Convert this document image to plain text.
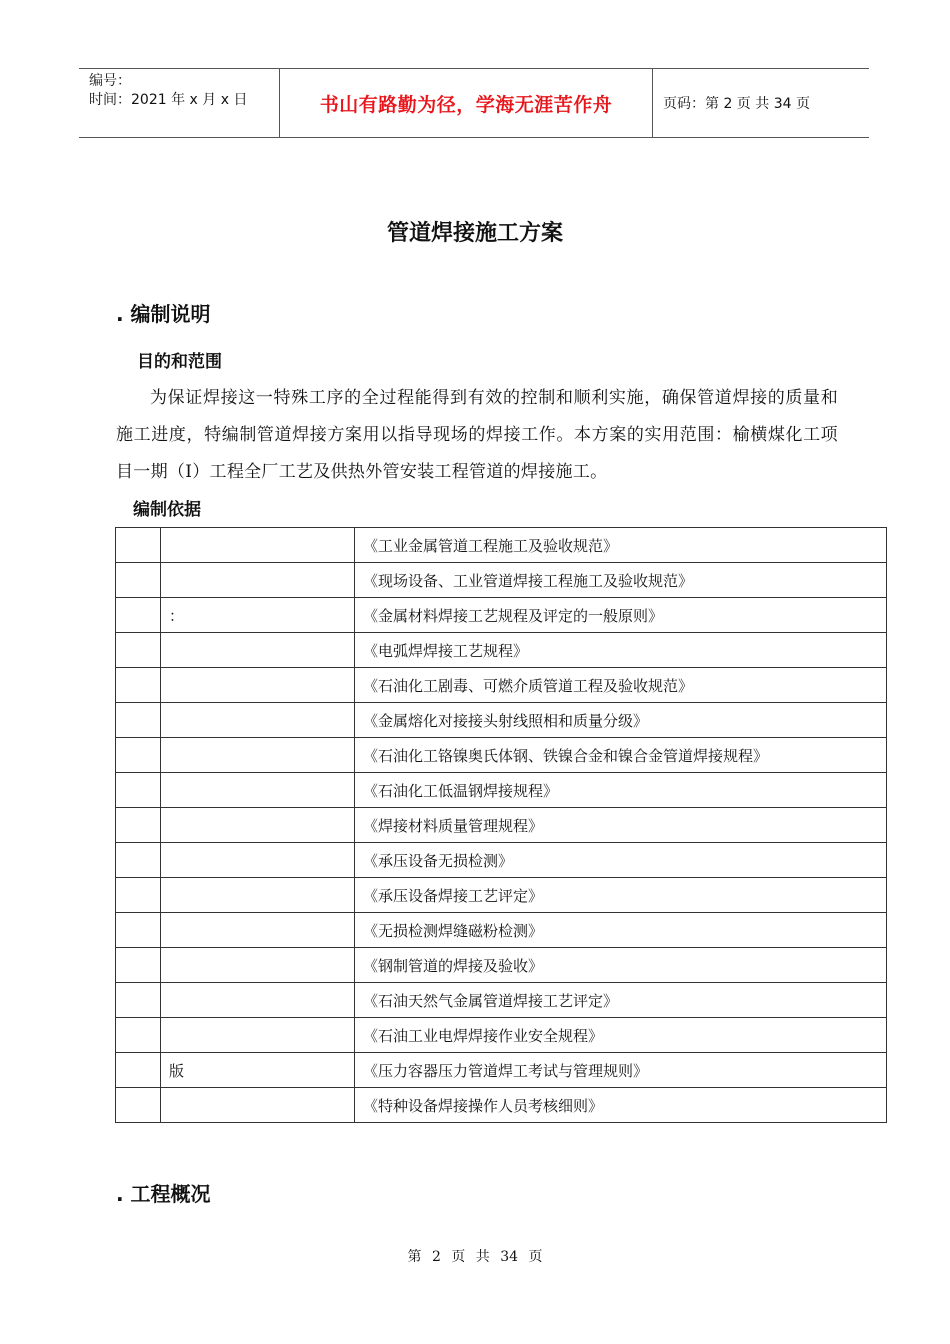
编号：
时间：2021 年 x 月 x 日	书山有路勤为径，学海无涯苦作舟	页码：第 2 页 共 34 页
管道焊接施工方案
. 编制说明
目的和范围
为保证焊接这一特殊工序的全过程能得到有效的控制和顺利实施，确保管道焊接的质量和施工进度，特编制管道焊接方案用以指导现场的焊接工作。本方案的实用范围：榆横煤化工项目一期（Ⅰ）工程全厂工艺及供热外管安装工程管道的焊接施工。
编制依据
		《工业金属管道工程施工及验收规范》
		《现场设备、工业管道焊接工程施工及验收规范》
	：	《金属材料焊接工艺规程及评定的一般原则》
		《电弧焊焊接工艺规程》
		《石油化工剧毒、可燃介质管道工程及验收规范》
		《金属熔化对接接头射线照相和质量分级》
		《石油化工铬镍奥氏体钢、铁镍合金和镍合金管道焊接规程》
		《石油化工低温钢焊接规程》
		《焊接材料质量管理规程》
		《承压设备无损检测》
		《承压设备焊接工艺评定》
		《无损检测焊缝磁粉检测》
		《钢制管道的焊接及验收》
		《石油天然气金属管道焊接工艺评定》
		《石油工业电焊焊接作业安全规程》
	版	《压力容器压力管道焊工考试与管理规则》
		《特种设备焊接操作人员考核细则》
. 工程概况
第 2 页 共 34 页
